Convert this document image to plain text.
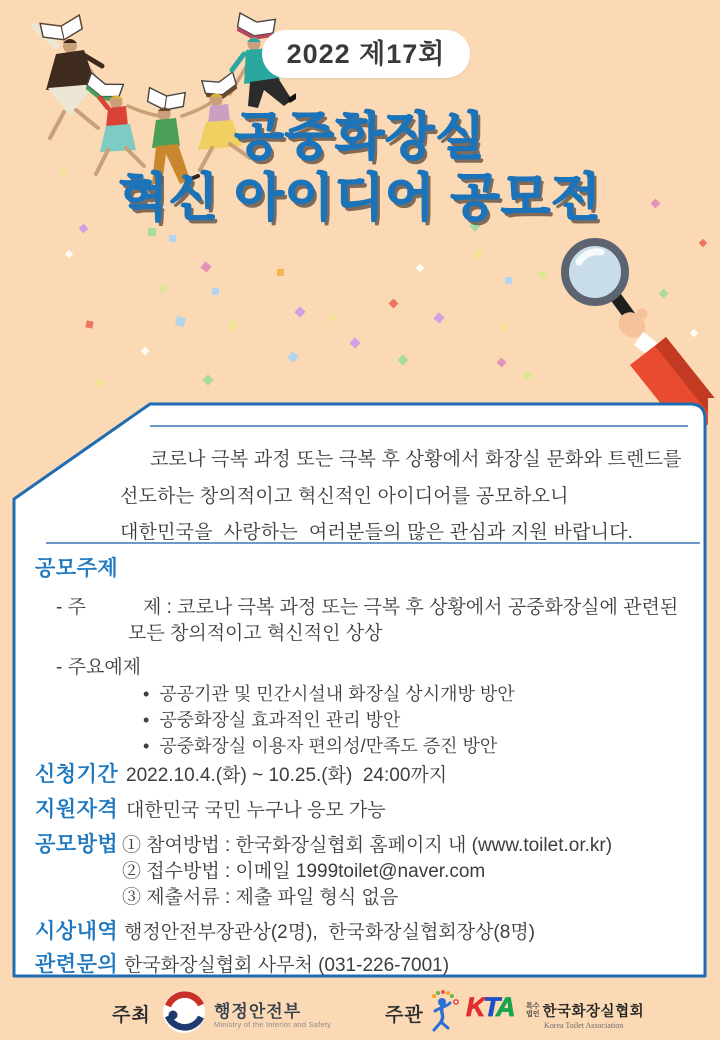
2022 제17회
공중화장실
혁신 아이디어 공모전
코로나 극복 과정 또는 극복 후 상황에서 화장실 문화와 트렌드를
선도하는 창의적이고 혁신적인 아이디어를 공모하오니
대한민국을  사랑하는  여러분들의 많은 관심과 지원 바랍니다.
공모주제
- 주   제 : 코로나 극복 과정 또는 극복 후 상황에서 공중화장실에 관련된
모든 창의적이고 혁신적인 상상
- 주요예제
•  공공기관 및 민간시설내 화장실 상시개방 방안
•  공중화장실 효과적인 관리 방안
•  공중화장실 이용자 편의성/만족도 증진 방안
신청기간 2022.10.4.(화) ~ 10.25.(화)  24:00까지
지원자격 대한민국 국민 누구나 응모 가능
공모방법 ① 참여방법 : 한국화장실협회 홈페이지 내 (www.toilet.or.kr)
② 접수방법 : 이메일 1999toilet@naver.com
③ 제출서류 : 제출 파일 형식 없음
시상내역 행정안전부장관상(2명),  한국화장실협회장상(8명)
관련문의 한국화장실협회 사무처 (031-226-7001)
주최	행정안전부
Ministry of the Interior and Safety	주관 KTA 특수
법인 한국화장실협회
Korea Toilet Association
